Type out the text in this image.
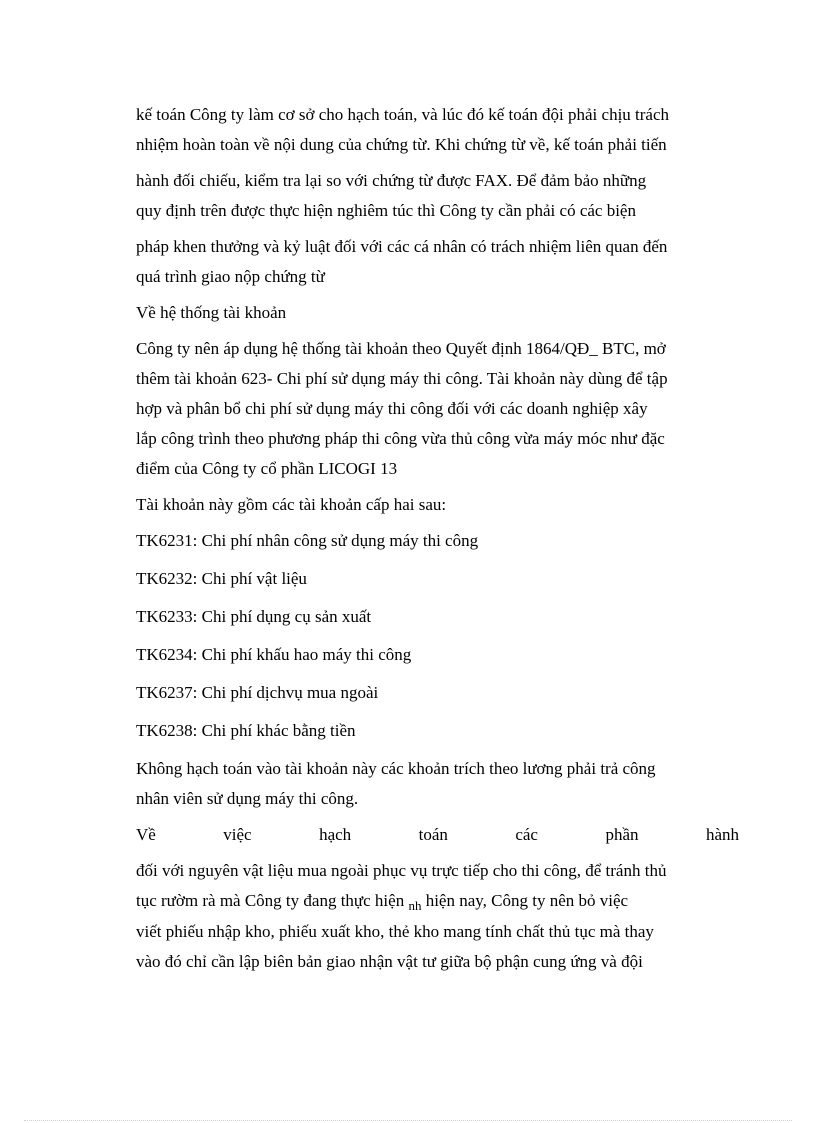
kế toán Công ty làm cơ sở cho hạch toán, và lúc đó kế toán đội phải chịu trách
nhiệm hoàn toàn về nội dung của chứng từ. Khi chứng từ về, kế toán phải tiến
hành đối chiếu, kiểm tra lại so với chứng từ được FAX. Để đảm bảo những
quy định trên được thực hiện nghiêm túc thì Công ty cần phải có các biện
pháp khen thưởng và kỷ luật đối với các cá nhân có trách nhiệm liên quan đến
quá trình giao nộp chứng từ
Về hệ thống tài khoản
Công ty nên áp dụng hệ thống tài khoản theo Quyết định 1864/QĐ_ BTC, mở
thêm tài khoản 623- Chi phí sử dụng máy thi công. Tài khoản này dùng để tập
hợp và phân bổ chi phí sử dụng máy thi công đối với các doanh nghiệp xây
lắp công trình theo phương pháp thi công vừa thủ công vừa máy móc như đặc
điểm của Công ty cổ phần LICOGI 13
Tài khoản này gồm các tài khoản cấp hai sau:
TK6231: Chi phí nhân công sử dụng máy thi công
TK6232: Chi phí vật liệu
TK6233: Chi phí dụng cụ sản xuất
TK6234: Chi phí khấu hao máy thi công
TK6237: Chi phí dịchvụ mua ngoài
TK6238: Chi phí khác bằng tiền
Không hạch toán vào tài khoản này các khoản trích theo lương phải trả công
nhân viên sử dụng máy thi công.
Về	việc	hạch	toán	các	phần	hành
đối với nguyên vật liệu mua ngoài phục vụ trực tiếp cho thi công, để tránh thủ
tục rườm rà mà Công ty đang thực hiện $_{nh}$ hiện nay, Công ty nên bỏ việc
viết phiếu nhập kho, phiếu xuất kho, thẻ kho mang tính chất thủ tục mà thay
vào đó chỉ cần lập biên bản giao nhận vật tư giữa bộ phận cung ứng và đội
